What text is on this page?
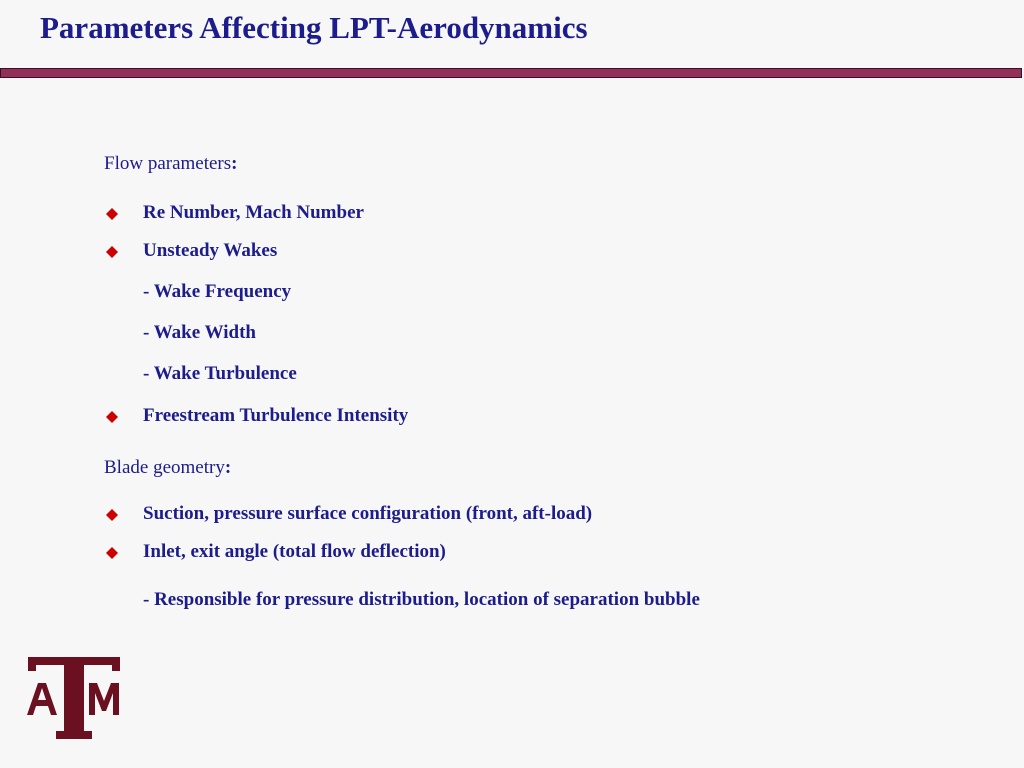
Parameters Affecting LPT-Aerodynamics
Flow parameters:
Re Number, Mach Number
Unsteady Wakes
- Wake Frequency
- Wake Width
- Wake Turbulence
Freestream Turbulence Intensity
Blade geometry:
Suction, pressure surface configuration (front, aft-load)
Inlet, exit angle (total flow deflection)
- Responsible for pressure distribution, location of separation bubble
